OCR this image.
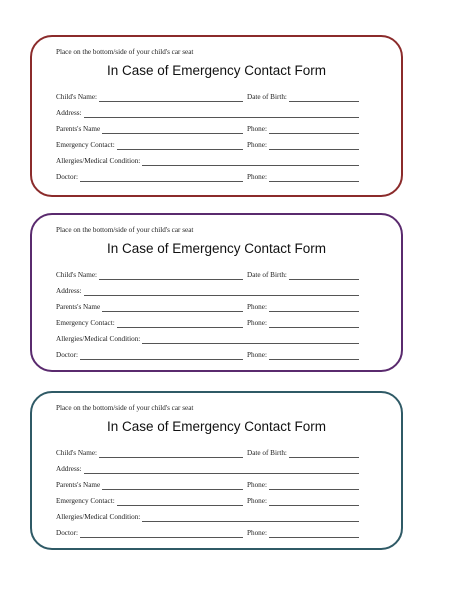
Place on the bottom/side of your child's car seat
In Case of Emergency Contact Form
Child's Name:	Date of Birth:
Address:
Parents's Name	Phone:
Emergency Contact:	Phone:
Allergies/Medical Condition:
Doctor:	Phone:
Place on the bottom/side of your child's car seat
In Case of Emergency Contact Form
Child's Name:	Date of Birth:
Address:
Parents's Name	Phone:
Emergency Contact:	Phone:
Allergies/Medical Condition:
Doctor:	Phone:
Place on the bottom/side of your child's car seat
In Case of Emergency Contact Form
Child's Name:	Date of Birth:
Address:
Parents's Name	Phone:
Emergency Contact:	Phone:
Allergies/Medical Condition:
Doctor:	Phone:
